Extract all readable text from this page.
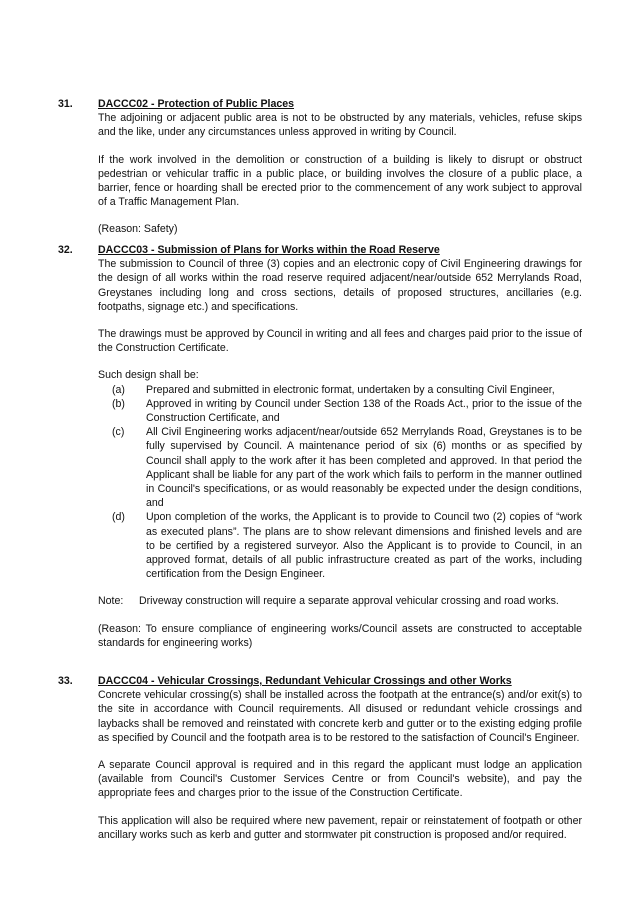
31. DACCC02 - Protection of Public Places

The adjoining or adjacent public area is not to be obstructed by any materials, vehicles, refuse skips and the like, under any circumstances unless approved in writing by Council.

If the work involved in the demolition or construction of a building is likely to disrupt or obstruct pedestrian or vehicular traffic in a public place, or building involves the closure of a public place, a barrier, fence or hoarding shall be erected prior to the commencement of any work subject to approval of a Traffic Management Plan.

(Reason: Safety)

32. DACCC03 - Submission of Plans for Works within the Road Reserve

The submission to Council of three (3) copies and an electronic copy of Civil Engineering drawings for the design of all works within the road reserve required adjacent/near/outside 652 Merrylands Road, Greystanes including long and cross sections, details of proposed structures, ancillaries (e.g. footpaths, signage etc.) and specifications.

The drawings must be approved by Council in writing and all fees and charges paid prior to the issue of the Construction Certificate.

Such design shall be:

(a) Prepared and submitted in electronic format, undertaken by a consulting Civil Engineer,
(b) Approved in writing by Council under Section 138 of the Roads Act., prior to the issue of the Construction Certificate, and
(c) All Civil Engineering works adjacent/near/outside 652 Merrylands Road, Greystanes is to be fully supervised by Council. A maintenance period of six (6) months or as specified by Council shall apply to the work after it has been completed and approved. In that period the Applicant shall be liable for any part of the work which fails to perform in the manner outlined in Council's specifications, or as would reasonably be expected under the design conditions, and
(d) Upon completion of the works, the Applicant is to provide to Council two (2) copies of “work as executed plans”. The plans are to show relevant dimensions and finished levels and are to be certified by a registered surveyor. Also the Applicant is to provide to Council, in an approved format, details of all public infrastructure created as part of the works, including certification from the Design Engineer.

Note: Driveway construction will require a separate approval vehicular crossing and road works.

(Reason: To ensure compliance of engineering works/Council assets are constructed to acceptable standards for engineering works)

33. DACCC04 - Vehicular Crossings, Redundant Vehicular Crossings and other Works

Concrete vehicular crossing(s) shall be installed across the footpath at the entrance(s) and/or exit(s) to the site in accordance with Council requirements. All disused or redundant vehicle crossings and laybacks shall be removed and reinstated with concrete kerb and gutter or to the existing edging profile as specified by Council and the footpath area is to be restored to the satisfaction of Council's Engineer.

A separate Council approval is required and in this regard the applicant must lodge an application (available from Council's Customer Services Centre or from Council's website), and pay the appropriate fees and charges prior to the issue of the Construction Certificate.

This application will also be required where new pavement, repair or reinstatement of footpath or other ancillary works such as kerb and gutter and stormwater pit construction is proposed and/or required.
